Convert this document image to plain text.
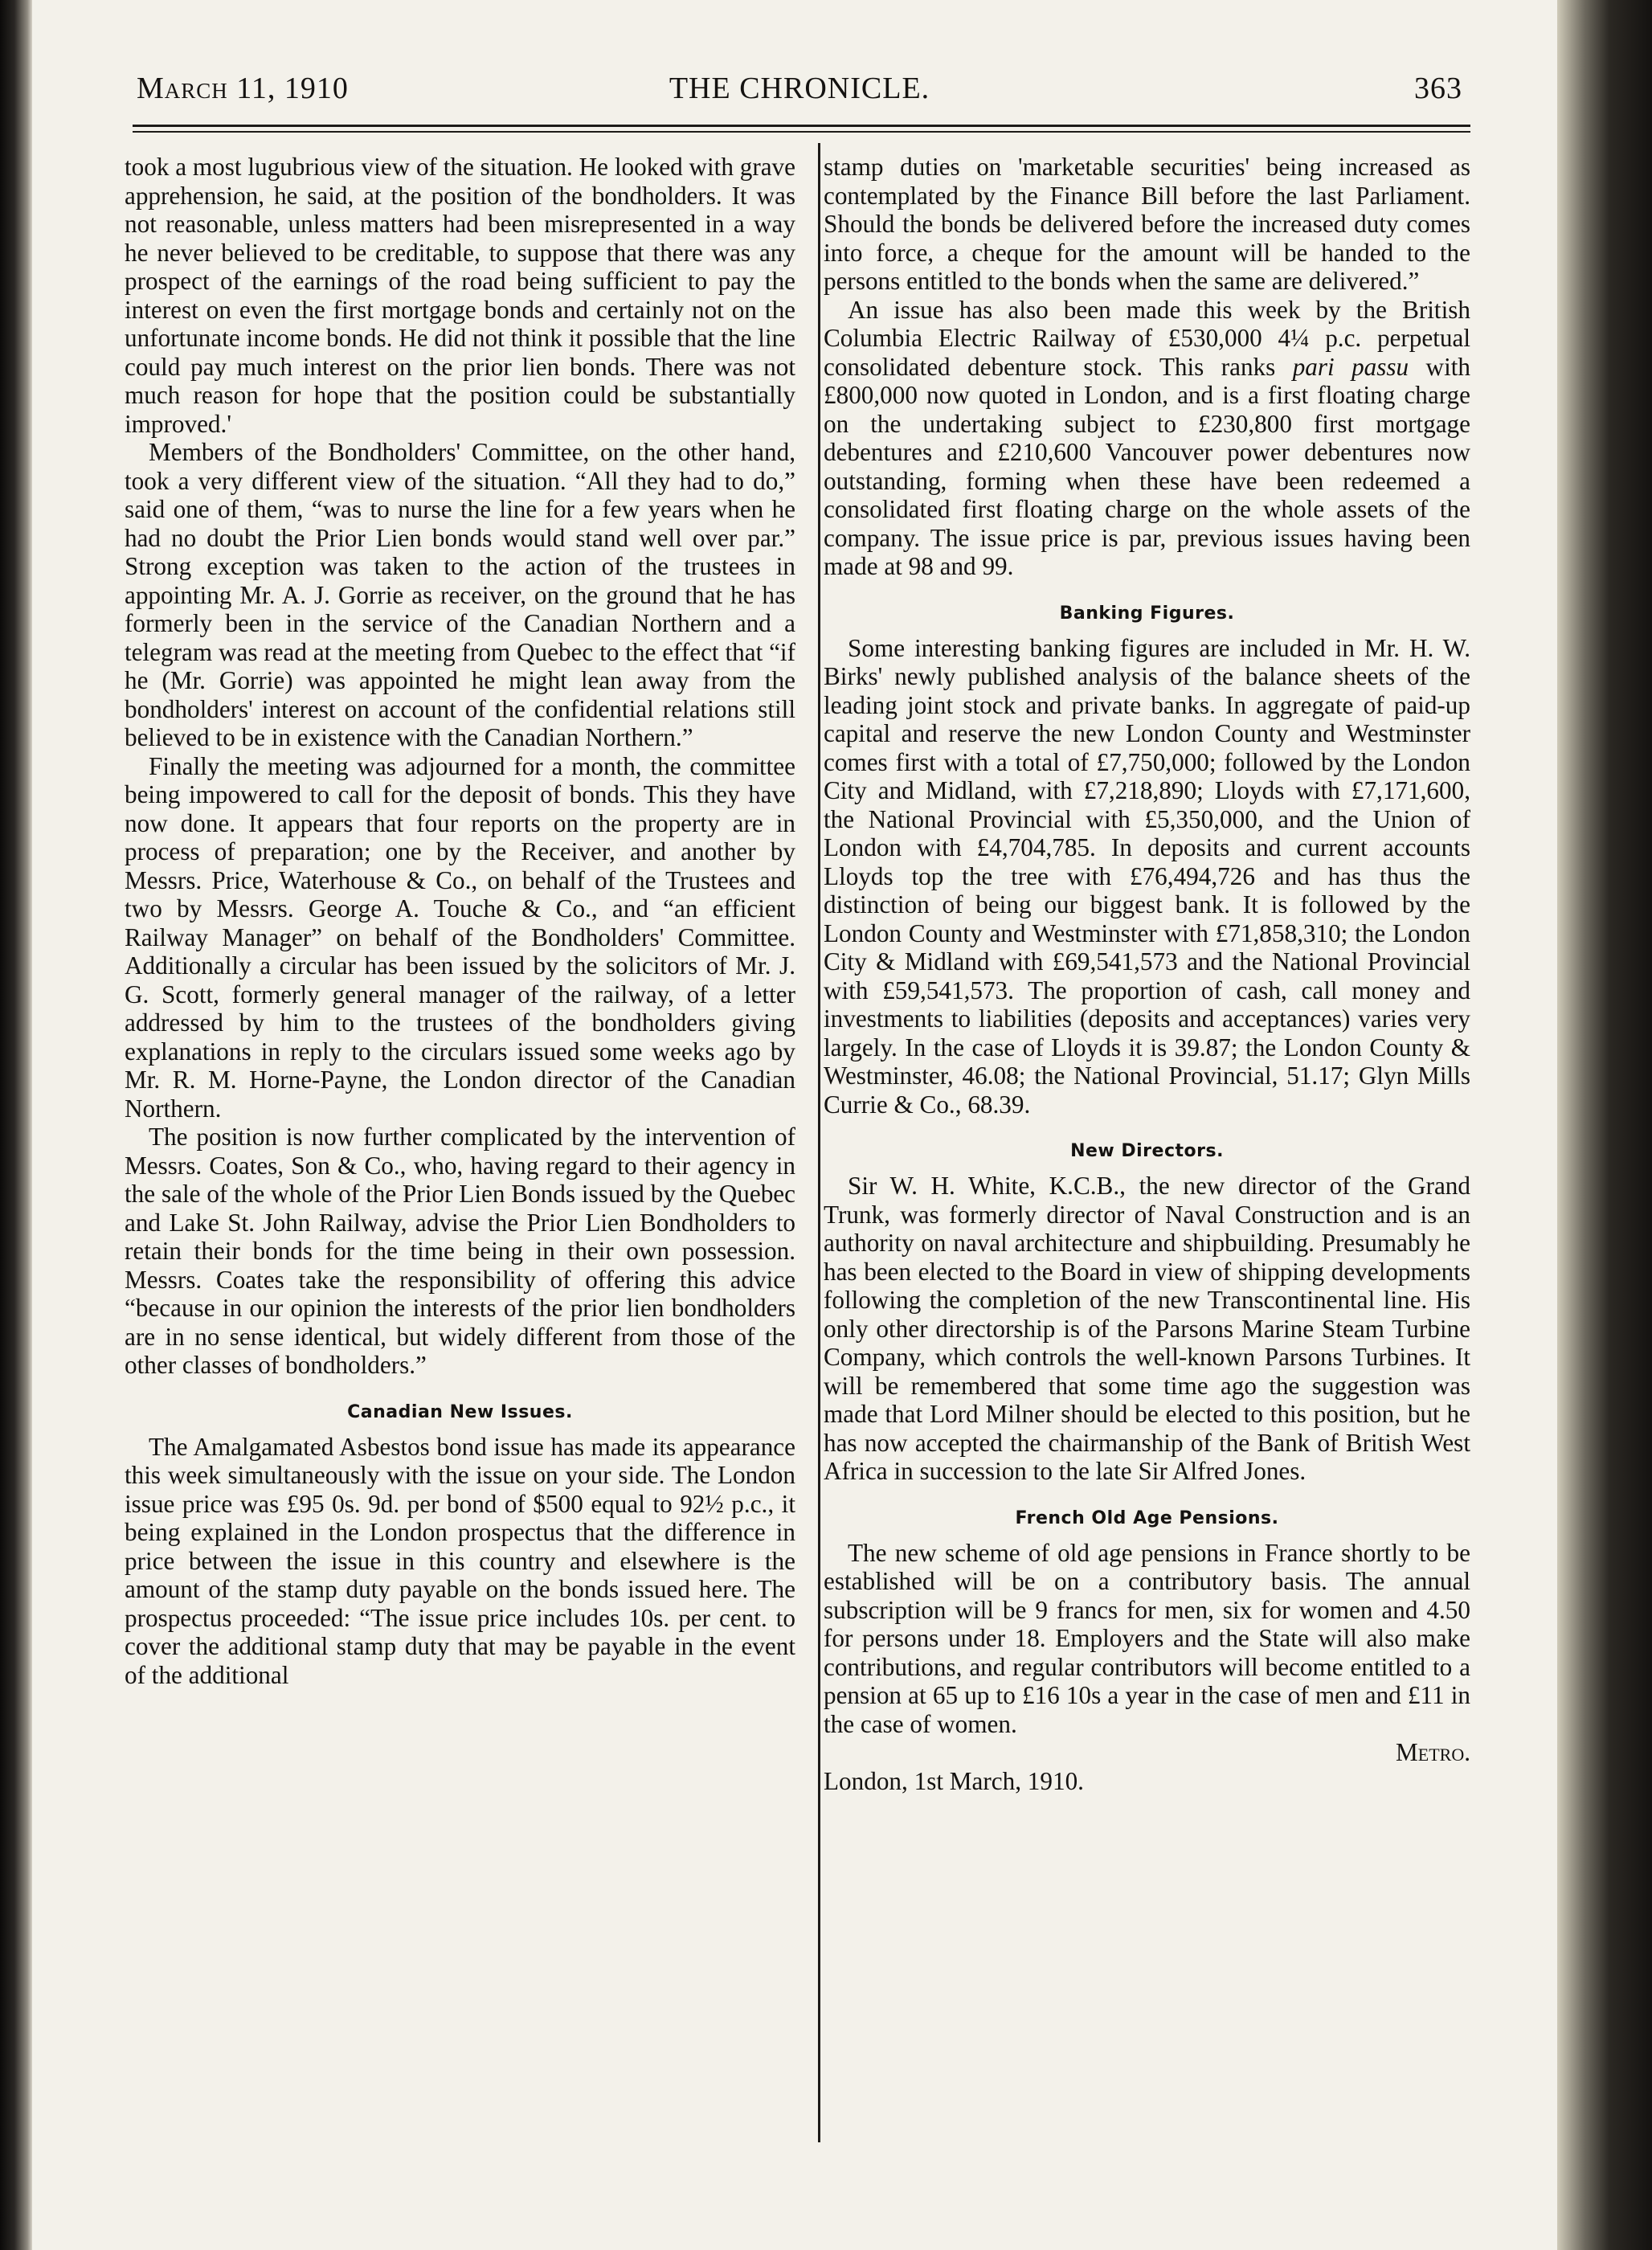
March 11, 1910	THE CHRONICLE.	363

took a most lugubrious view of the situation. He looked with grave apprehension, he said, at the position of the bondholders. It was not reasonable, unless matters had been misrepresented in a way he never believed to be creditable, to suppose that there was any prospect of the earnings of the road being sufficient to pay the interest on even the first mortgage bonds and certainly not on the unfortunate income bonds. He did not think it possible that the line could pay much interest on the prior lien bonds. There was not much reason for hope that the position could be substantially improved.'

Members of the Bondholders' Committee, on the other hand, took a very different view of the situation. “All they had to do,” said one of them, “was to nurse the line for a few years when he had no doubt the Prior Lien bonds would stand well over par.” Strong exception was taken to the action of the trustees in appointing Mr. A. J. Gorrie as receiver, on the ground that he has formerly been in the service of the Canadian Northern and a telegram was read at the meeting from Quebec to the effect that “if he (Mr. Gorrie) was appointed he might lean away from the bondholders' interest on account of the confidential relations still believed to be in existence with the Canadian Northern.”

Finally the meeting was adjourned for a month, the committee being impowered to call for the deposit of bonds. This they have now done. It appears that four reports on the property are in process of preparation; one by the Receiver, and another by Messrs. Price, Waterhouse & Co., on behalf of the Trustees and two by Messrs. George A. Touche & Co., and “an efficient Railway Manager” on behalf of the Bondholders' Committee. Additionally a circular has been issued by the solicitors of Mr. J. G. Scott, formerly general manager of the railway, of a letter addressed by him to the trustees of the bondholders giving explanations in reply to the circulars issued some weeks ago by Mr. R. M. Horne-Payne, the London director of the Canadian Northern.

The position is now further complicated by the intervention of Messrs. Coates, Son & Co., who, having regard to their agency in the sale of the whole of the Prior Lien Bonds issued by the Quebec and Lake St. John Railway, advise the Prior Lien Bondholders to retain their bonds for the time being in their own possession. Messrs. Coates take the responsibility of offering this advice “because in our opinion the interests of the prior lien bondholders are in no sense identical, but widely different from those of the other classes of bondholders.”

Canadian New Issues.

The Amalgamated Asbestos bond issue has made its appearance this week simultaneously with the issue on your side. The London issue price was £95 0s. 9d. per bond of $500 equal to 92½ p.c., it being explained in the London prospectus that the difference in price between the issue in this country and elsewhere is the amount of the stamp duty payable on the bonds issued here. The prospectus proceeded: “The issue price includes 10s. per cent. to cover the additional stamp duty that may be payable in the event of the additional

stamp duties on 'marketable securities' being increased as contemplated by the Finance Bill before the last Parliament. Should the bonds be delivered before the increased duty comes into force, a cheque for the amount will be handed to the persons entitled to the bonds when the same are delivered.”

An issue has also been made this week by the British Columbia Electric Railway of £530,000 4¼ p.c. perpetual consolidated debenture stock. This ranks pari passu with £800,000 now quoted in London, and is a first floating charge on the undertaking subject to £230,800 first mortgage debentures and £210,600 Vancouver power debentures now outstanding, forming when these have been redeemed a consolidated first floating charge on the whole assets of the company. The issue price is par, previous issues having been made at 98 and 99.

Banking Figures.

Some interesting banking figures are included in Mr. H. W. Birks' newly published analysis of the balance sheets of the leading joint stock and private banks. In aggregate of paid-up capital and reserve the new London County and Westminster comes first with a total of £7,750,000; followed by the London City and Midland, with £7,218,890; Lloyds with £7,171,600, the National Provincial with £5,350,000, and the Union of London with £4,704,785. In deposits and current accounts Lloyds top the tree with £76,494,726 and has thus the distinction of being our biggest bank. It is followed by the London County and Westminster with £71,858,310; the London City & Midland with £69,541,573 and the National Provincial with £59,541,573. The proportion of cash, call money and investments to liabilities (deposits and acceptances) varies very largely. In the case of Lloyds it is 39.87; the London County & Westminster, 46.08; the National Provincial, 51.17; Glyn Mills Currie & Co., 68.39.

New Directors.

Sir W. H. White, K.C.B., the new director of the Grand Trunk, was formerly director of Naval Construction and is an authority on naval architecture and shipbuilding. Presumably he has been elected to the Board in view of shipping developments following the completion of the new Transcontinental line. His only other directorship is of the Parsons Marine Steam Turbine Company, which controls the well-known Parsons Turbines. It will be remembered that some time ago the suggestion was made that Lord Milner should be elected to this position, but he has now accepted the chairmanship of the Bank of British West Africa in succession to the late Sir Alfred Jones.

French Old Age Pensions.

The new scheme of old age pensions in France shortly to be established will be on a contributory basis. The annual subscription will be 9 francs for men, six for women and 4.50 for persons under 18. Employers and the State will also make contributions, and regular contributors will become entitled to a pension at 65 up to £16 10s a year in the case of men and £11 in the case of women.

Metro.

London, 1st March, 1910.
